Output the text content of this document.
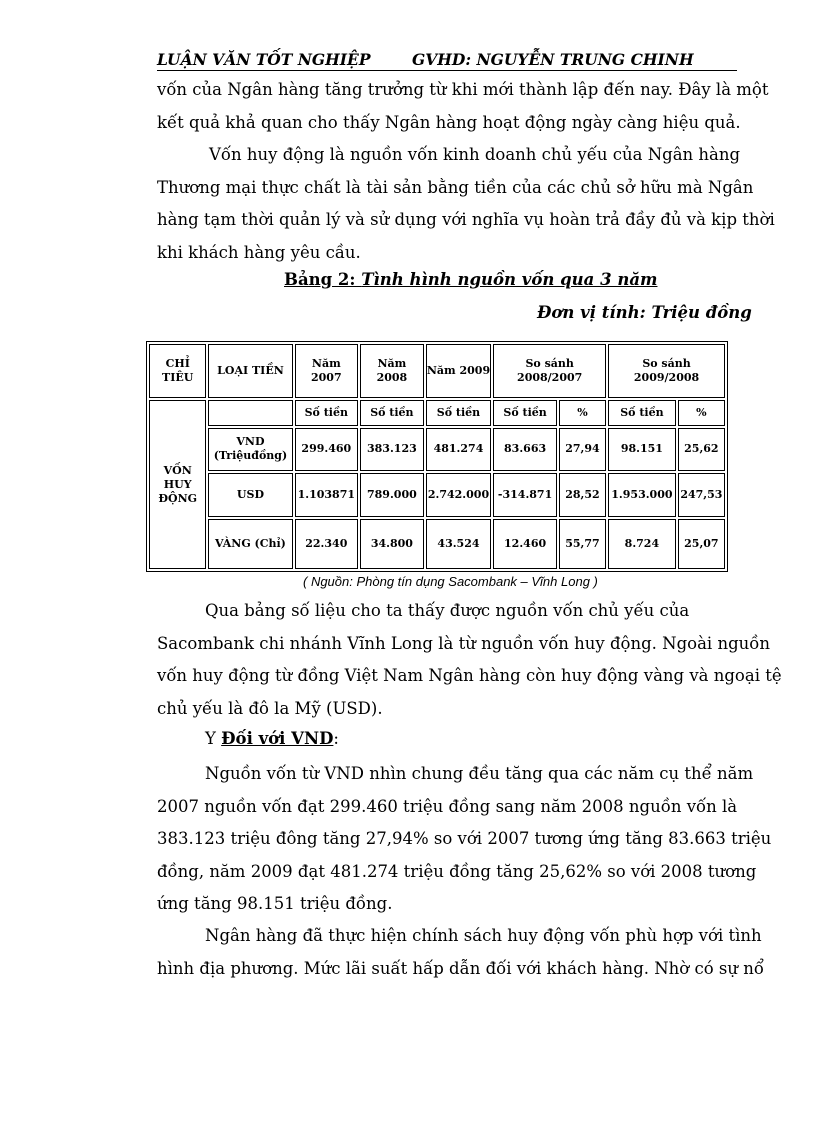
LUẬN VĂN TỐT NGHIỆP	GVHD: NGUYỄN TRUNG CHINH
vốn của Ngân hàng tăng trưởng từ khi mới thành lập đến nay. Đây là một
kết quả khả quan cho thấy Ngân hàng hoạt động ngày càng hiệu quả.
Vốn huy động là nguồn vốn kinh doanh chủ yếu của Ngân hàng
Thương mại thực chất là tài sản bằng tiền của các chủ sở hữu mà Ngân
hàng tạm thời quản lý và sử dụng với nghĩa vụ hoàn trả đầy đủ và kịp thời
khi khách hàng yêu cầu.
Bảng 2: Tình hình nguồn vốn qua 3 năm
Đơn vị tính: Triệu đồng
CHỈ TIÊU	LOẠI TIỀN	Năm 2007	Năm 2008	Năm 2009	So sánh 2008/2007		So sánh 2009/2008	
VỐN HUY ĐỘNG		Số tiền	Số tiền	Số tiền	Số tiền	%	Số tiền	%
	VND (Triệuđồng)	299.460	383.123	481.274	83.663	27,94	98.151	25,62
	USD	1.103871	789.000	2.742.000	-314.871	28,52	1.953.000	247,53
	VÀNG (Chỉ)	22.340	34.800	43.524	12.460	55,77	8.724	25,07
( Nguồn: Phòng tín dụng Sacombank – Vĩnh Long )
Qua bảng số liệu cho ta thấy được nguồn vốn chủ yếu của
Sacombank chi nhánh Vĩnh Long là từ nguồn vốn huy động. Ngoài nguồn
vốn huy động từ đồng Việt Nam Ngân hàng còn huy động vàng và ngoại tệ
chủ yếu là đô la Mỹ (USD).
Y Đối với VND:
Nguồn vốn từ VND nhìn chung đều tăng qua các năm cụ thể năm
2007 nguồn vốn đạt 299.460 triệu đồng sang năm 2008 nguồn vốn là
383.123 triệu đông tăng 27,94% so với 2007 tương ứng tăng 83.663 triệu
đồng, năm 2009 đạt 481.274 triệu đồng tăng 25,62% so với 2008 tương
ứng tăng 98.151 triệu đồng.
Ngân hàng đã thực hiện chính sách huy động vốn phù hợp với tình
hình địa phương. Mức lãi suất hấp dẫn đối với khách hàng. Nhờ có sự nổ
